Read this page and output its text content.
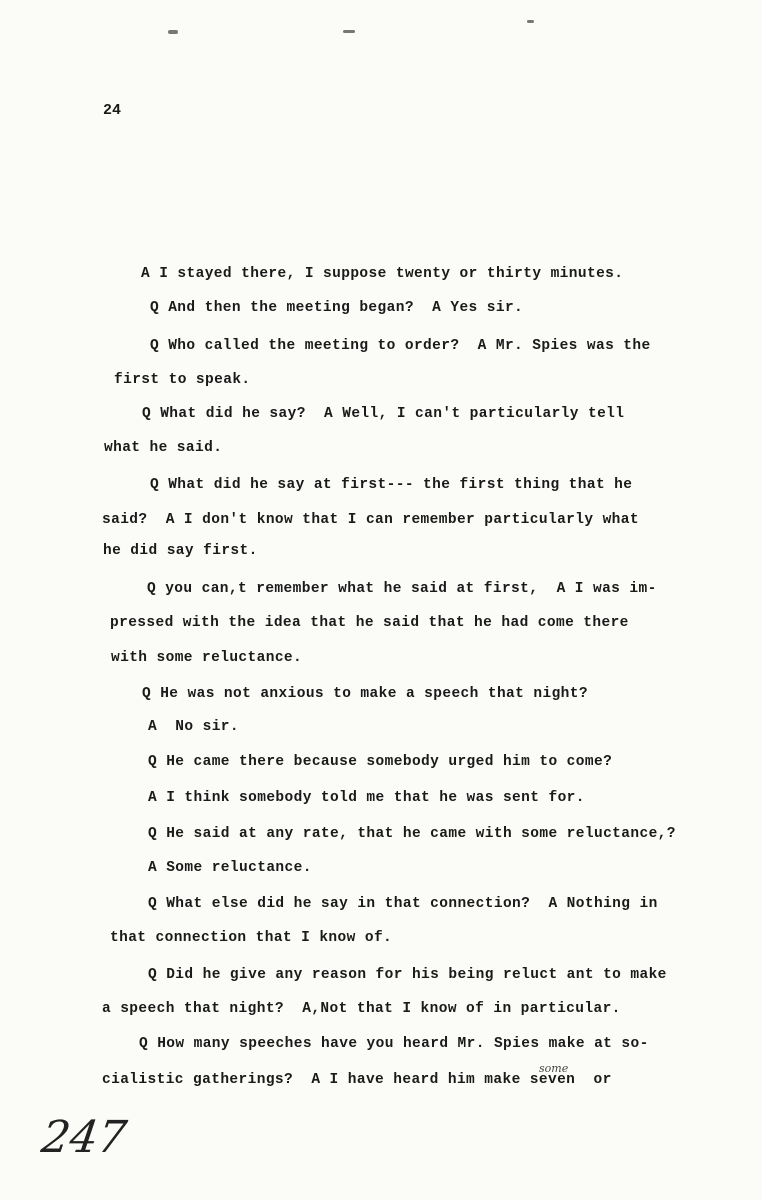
24
A I stayed there, I suppose twenty or thirty minutes.
Q And then the meeting began?  A Yes sir.
Q Who called the meeting to order?  A Mr. Spies was the
first to speak.
Q What did he say?  A Well, I can't particularly tell
what he said.
Q What did he say at first--- the first thing that he
said?  A I don't know that I can remember particularly what
he did say first.
Q you can,t remember what he said at first,  A I was im-
pressed with the idea that he said that he had come there
with some reluctance.
Q He was not anxious to make a speech that night?
A  No sir.
Q He came there because somebody urged him to come?
A I think somebody told me that he was sent for.
Q He said at any rate, that he came with some reluctance,?
A Some reluctance.
Q What else did he say in that connection?  A Nothing in
that connection that I know of.
Q Did he give any reason for his being reluct ant to make
a speech that night?  A,Not that I know of in particular.
Q How many speeches have you heard Mr. Spies make at so-
cialistic gatherings?  A I have heard him make seven  or
some
247
